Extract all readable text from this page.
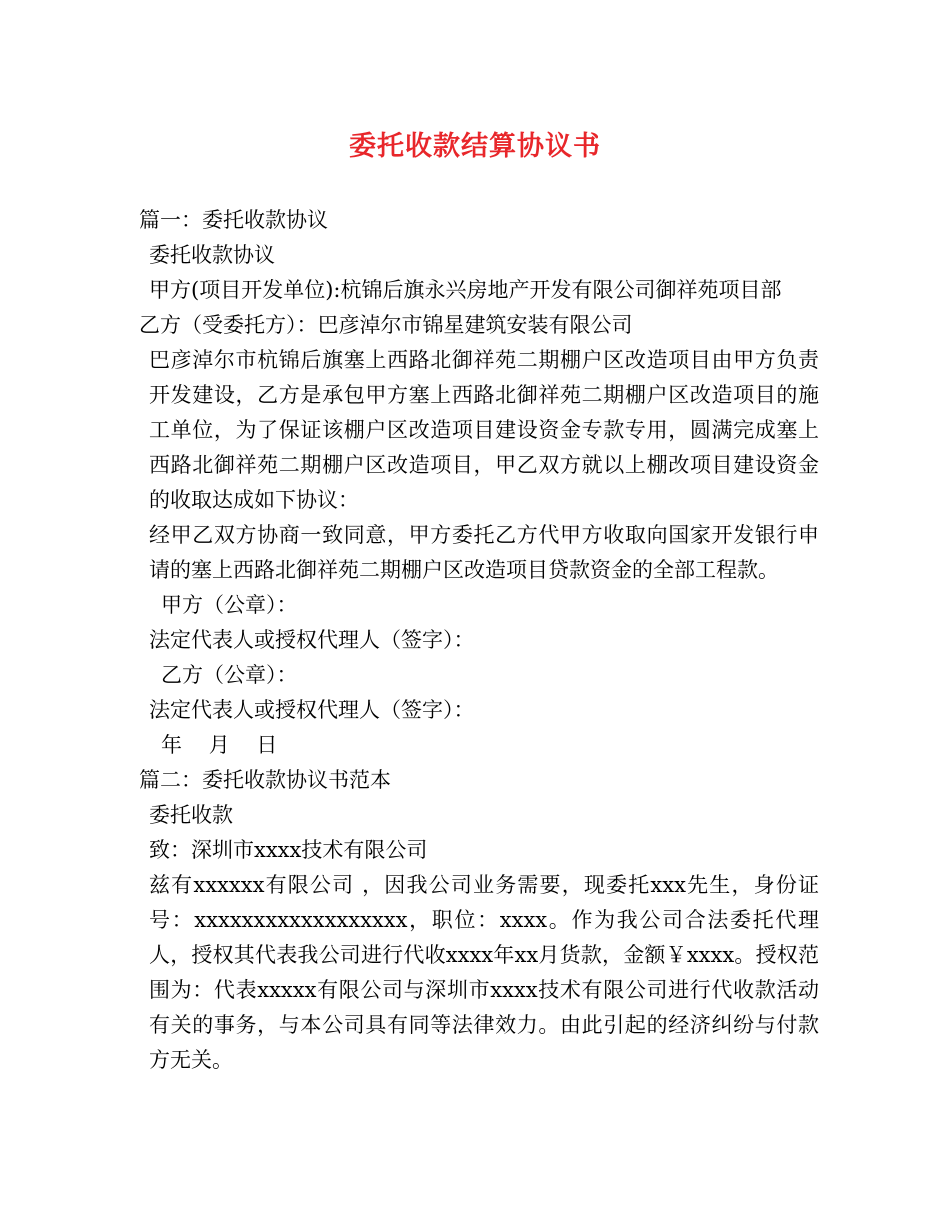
委托收款结算协议书

篇一：委托收款协议

委托收款协议

甲方(项目开发单位):杭锦后旗永兴房地产开发有限公司御祥苑项目部

乙方（受委托方）：巴彦淖尔市锦星建筑安装有限公司

巴彦淖尔市杭锦后旗塞上西路北御祥苑二期棚户区改造项目由甲方负责开发建设，乙方是承包甲方塞上西路北御祥苑二期棚户区改造项目的施工单位，为了保证该棚户区改造项目建设资金专款专用，圆满完成塞上西路北御祥苑二期棚户区改造项目，甲乙双方就以上棚改项目建设资金的收取达成如下协议：

经甲乙双方协商一致同意，甲方委托乙方代甲方收取向国家开发银行申请的塞上西路北御祥苑二期棚户区改造项目贷款资金的全部工程款。

甲方（公章）：

法定代表人或授权代理人（签字）：

乙方（公章）：

法定代表人或授权代理人（签字）：

年    月    日

篇二：委托收款协议书范本

委托收款

致：深圳市xxxx技术有限公司

兹有xxxxxx有限公司 ，因我公司业务需要，现委托xxx先生，身份证号：xxxxxxxxxxxxxxxxxx，职位：xxxx。作为我公司合法委托代理人，授权其代表我公司进行代收xxxx年xx月货款，金额￥xxxx。授权范围为：代表xxxxx有限公司与深圳市xxxx技术有限公司进行代收款活动有关的事务，与本公司具有同等法律效力。由此引起的经济纠纷与付款方无关。
